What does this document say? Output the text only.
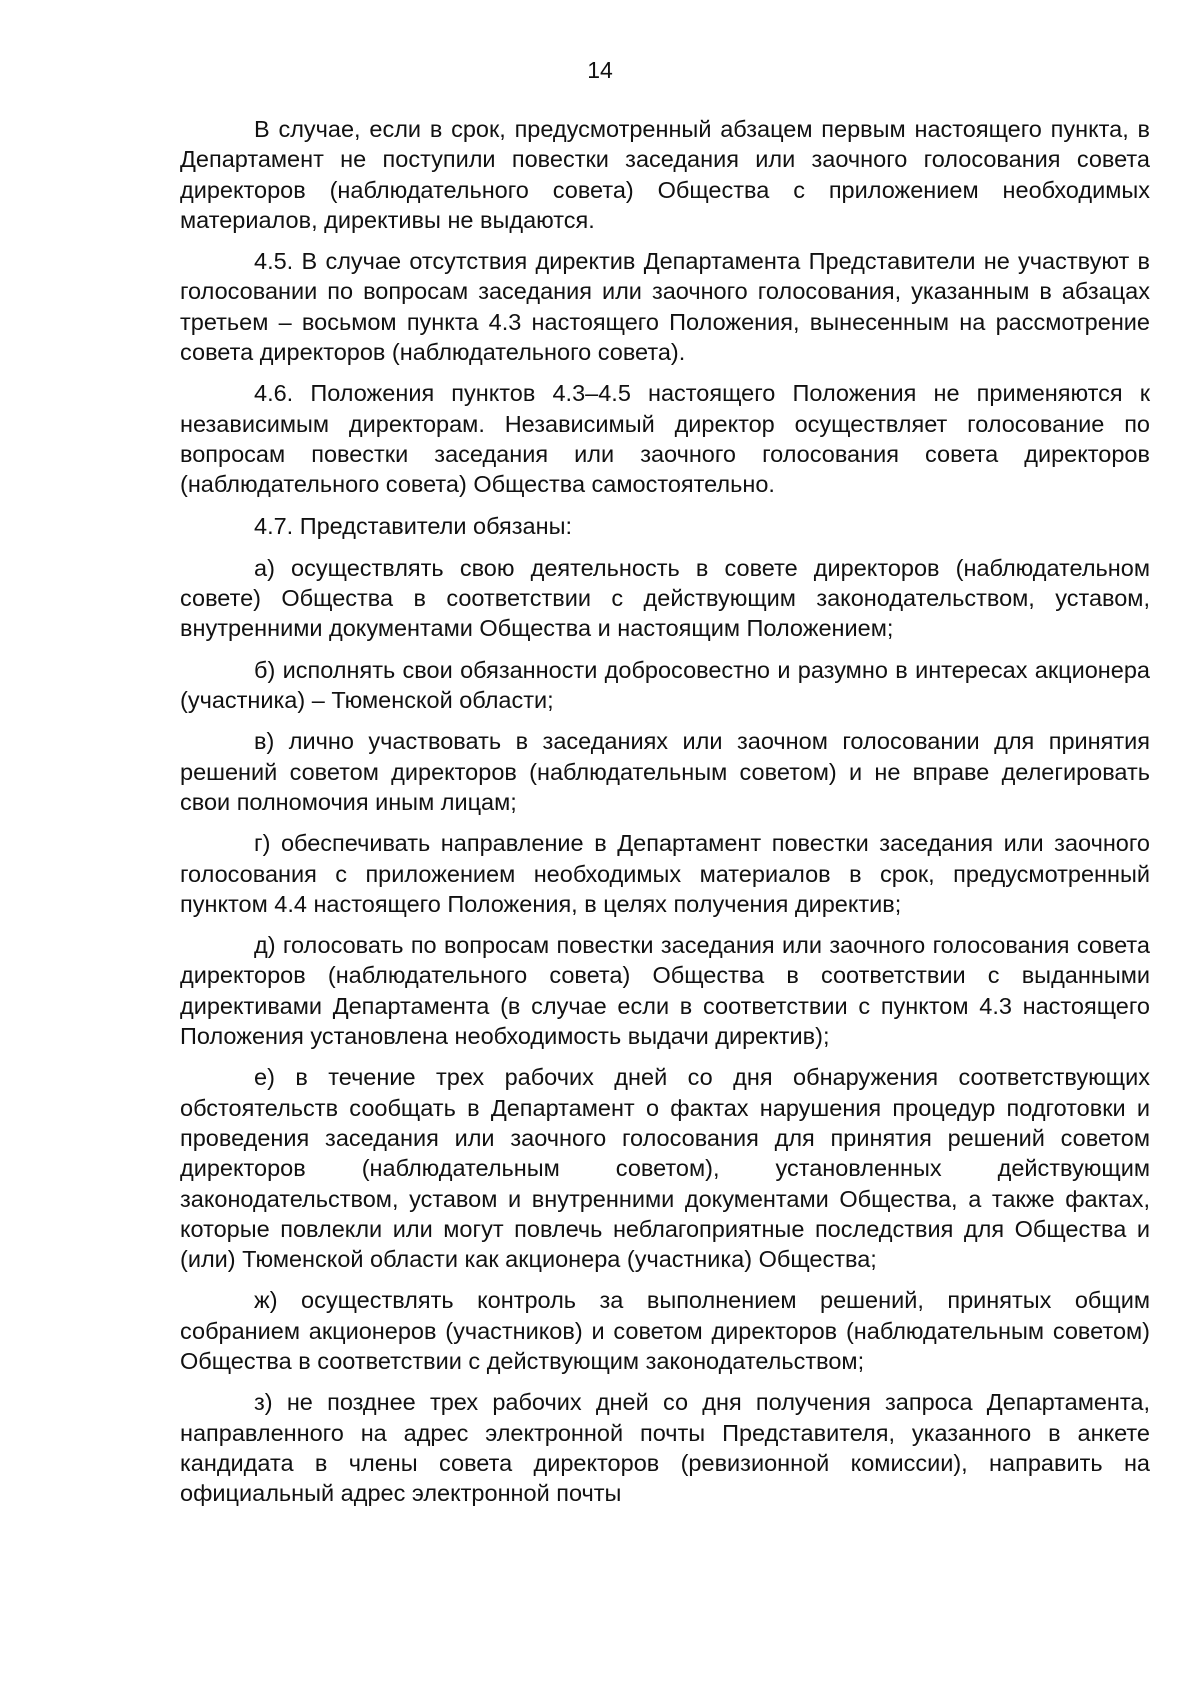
14

В случае, если в срок, предусмотренный абзацем первым настоящего пункта, в Департамент не поступили повестки заседания или заочного голосования совета директоров (наблюдательного совета) Общества с приложением необходимых материалов, директивы не выдаются.

4.5. В случае отсутствия директив Департамента Представители не участвуют в голосовании по вопросам заседания или заочного голосования, указанным в абзацах третьем – восьмом пункта 4.3 настоящего Положения, вынесенным на рассмотрение совета директоров (наблюдательного совета).

4.6. Положения пунктов 4.3–4.5 настоящего Положения не применяются к независимым директорам. Независимый директор осуществляет голосование по вопросам повестки заседания или заочного голосования совета директоров (наблюдательного совета) Общества самостоятельно.

4.7. Представители обязаны:

а) осуществлять свою деятельность в совете директоров (наблюдательном совете) Общества в соответствии с действующим законодательством, уставом, внутренними документами Общества и настоящим Положением;

б) исполнять свои обязанности добросовестно и разумно в интересах акционера (участника) – Тюменской области;

в) лично участвовать в заседаниях или заочном голосовании для принятия решений советом директоров (наблюдательным советом) и не вправе делегировать свои полномочия иным лицам;

г) обеспечивать направление в Департамент повестки заседания или заочного голосования с приложением необходимых материалов в срок, предусмотренный пунктом 4.4 настоящего Положения, в целях получения директив;

д) голосовать по вопросам повестки заседания или заочного голосования совета директоров (наблюдательного совета) Общества в соответствии с выданными директивами Департамента (в случае если в соответствии с пунктом 4.3 настоящего Положения установлена необходимость выдачи директив);

е) в течение трех рабочих дней со дня обнаружения соответствующих обстоятельств сообщать в Департамент о фактах нарушения процедур подготовки и проведения заседания или заочного голосования для принятия решений советом директоров (наблюдательным советом), установленных действующим законодательством, уставом и внутренними документами Общества, а также фактах, которые повлекли или могут повлечь неблагоприятные последствия для Общества и (или) Тюменской области как акционера (участника) Общества;

ж) осуществлять контроль за выполнением решений, принятых общим собранием акционеров (участников) и советом директоров (наблюдательным советом) Общества в соответствии с действующим законодательством;

з) не позднее трех рабочих дней со дня получения запроса Департамента, направленного на адрес электронной почты Представителя, указанного в анкете кандидата в члены совета директоров (ревизионной комиссии), направить на официальный адрес электронной почты
